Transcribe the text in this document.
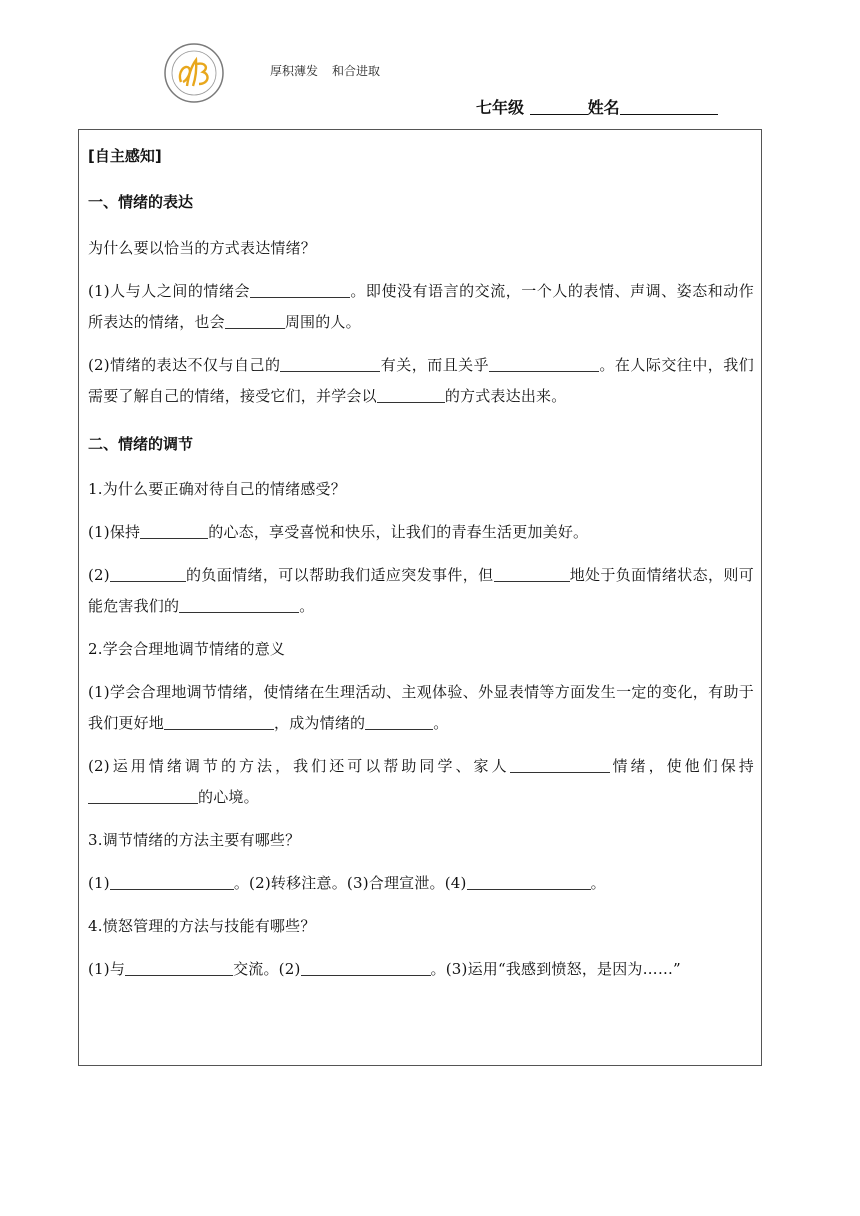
厚积薄发 和合进取
七年级	姓名

[自主感知]

一、情绪的表达

为什么要以恰当的方式表达情绪？

(1)人与人之间的情绪会	。即使没有语言的交流，一个人的表情、声调、姿态和动作所表达的情绪，也会	周围的人。

(2)情绪的表达不仅与自己的	有关，而且关乎	。在人际交往中，我们需要了解自己的情绪，接受它们，并学会以	的方式表达出来。

二、情绪的调节

1.为什么要正确对待自己的情绪感受？

(1)保持	的心态，享受喜悦和快乐，让我们的青春生活更加美好。

(2)	的负面情绪，可以帮助我们适应突发事件，但	地处于负面情绪状态，则可能危害我们的	。

2.学会合理地调节情绪的意义

(1)学会合理地调节情绪，使情绪在生理活动、主观体验、外显表情等方面发生一定的变化，有助于我们更好地	，成为情绪的	。

(2)运用情绪调节的方法，我们还可以帮助同学、家人	情绪，使他们保持的心境。

3.调节情绪的方法主要有哪些？

(1)	。(2)转移注意。(3)合理宣泄。(4)	。

4.愤怒管理的方法与技能有哪些？

(1)与	交流。(2)	。(3)运用“我感到愤怒，是因为……”
